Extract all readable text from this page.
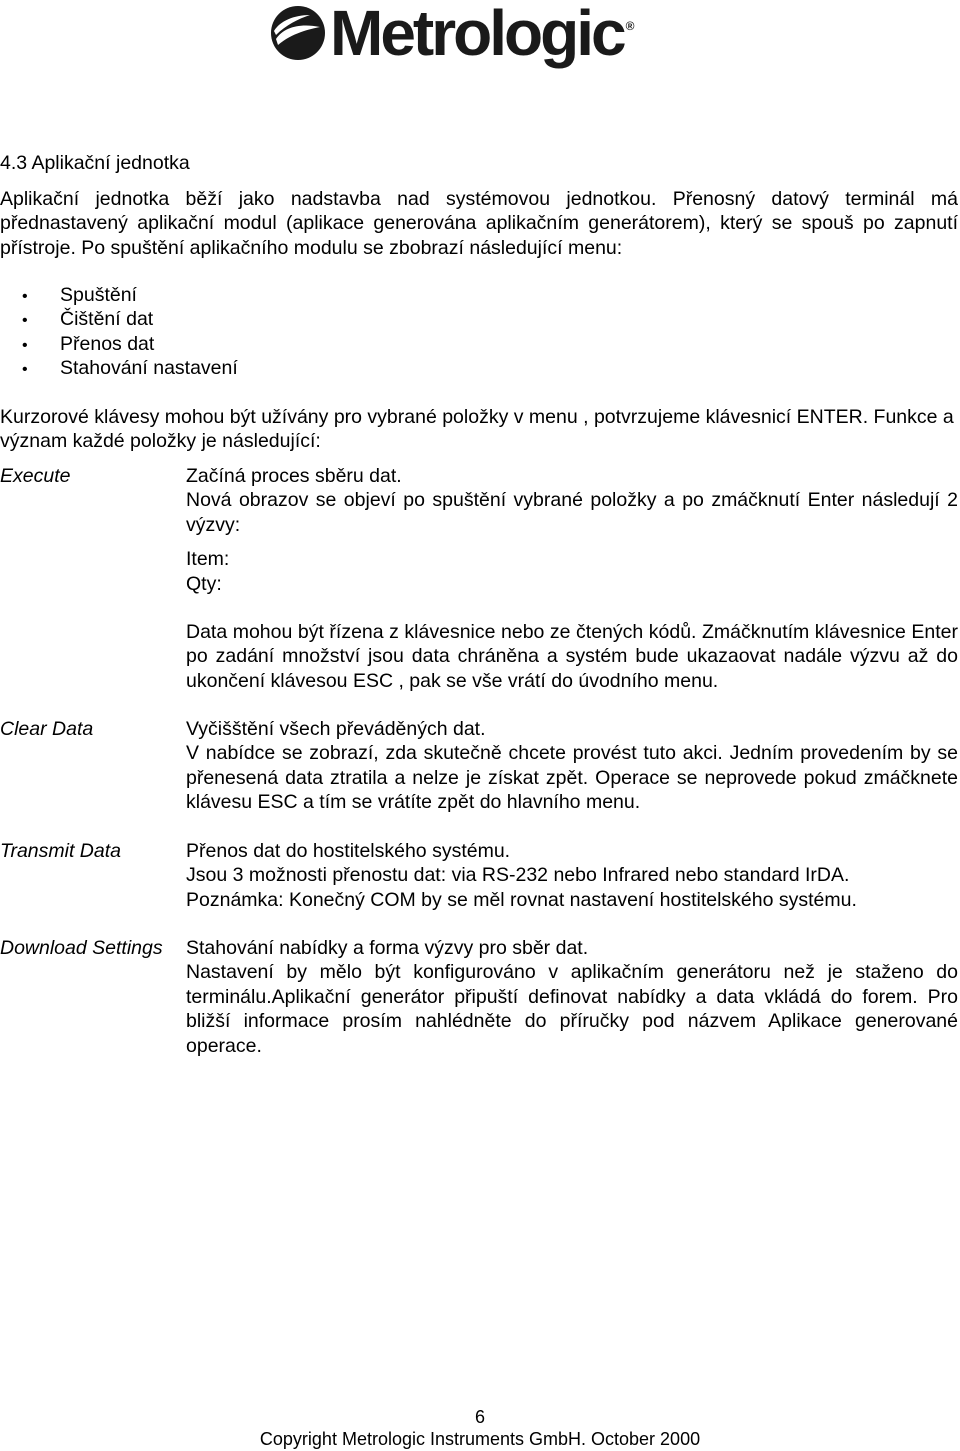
Metrologic ®
4.3 Aplikační jednotka

Aplikační jednotka běží jako nadstavba nad systémovou jednotkou. Přenosný datový terminál má přednastavený aplikační modul (aplikace generována aplikačním generátorem), který se spouš po zapnutí přístroje. Po spuštění aplikačního modulu se zbobrazí následující menu:

•	Spuštění
•	Čištění dat
•	Přenos dat
•	Stahování nastavení

Kurzorové klávesy mohou být užívány pro vybrané položky v menu , potvrzujeme klávesnicí ENTER. Funkce a význam každé položky je následující:

Execute	Začíná proces sběru dat.

Nová obrazov se objeví po spuštění vybrané položky a po zmáčknutí Enter následují 2 výzvy:

Item:

Qty:

Data mohou být řízena z klávesnice nebo ze čtených kódů. Zmáčknutím klávesnice Enter po zadání množství jsou data chráněna a systém bude ukazaovat nadále výzvu až do ukončení klávesou ESC , pak se vše vrátí do úvodního menu.

Clear Data	Vyčišštění všech převáděných dat.

V nabídce se zobrazí, zda skutečně chcete provést tuto akci. Jedním provedením by se přenesená data ztratila a nelze je získat zpět. Operace se neprovede pokud zmáčknete klávesu ESC a tím se vrátíte zpět do hlavního menu.

Transmit Data	Přenos dat do hostitelského systému.

Jsou 3 možnosti přenostu dat: via RS-232 nebo Infrared nebo standard IrDA.

Poznámka: Konečný COM by se měl rovnat nastavení hostitelského systému.

Download Settings Stahování nabídky a forma výzvy pro sběr dat.

Nastavení by mělo být konfigurováno v aplikačním generátoru než je staženo do terminálu.Aplikační generátor připuští definovat nabídky a data vkládá do forem. Pro bližší informace prosím nahlédněte do příručky pod názvem Aplikace generované operace.

6
Copyright Metrologic Instruments GmbH. October 2000
